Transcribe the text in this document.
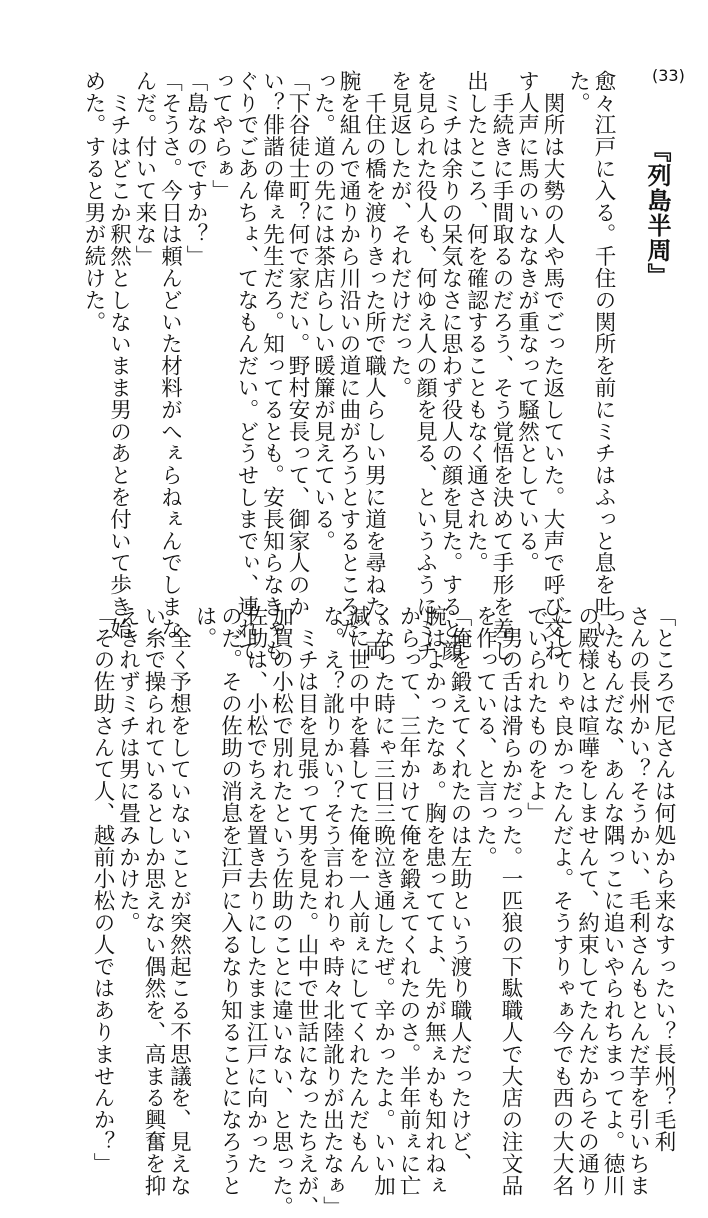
(33)
『列島半周』
愈々江戸に入る。千住の関所を前にミチはふっと息を吐い
た。
　関所は大勢の人や馬でごった返していた。大声で呼び交わ
す人声に馬のいななきが重なって騒然としている。
　手続きに手間取るのだろう、そう覚悟を決めて手形を差し
出したところ、何を確認することもなく通された。
　ミチは余りの呆気なさに思わず役人の顔を見た。すると顔
を見られた役人も、何ゆえ人の顔を見る、というふうにミチ
を見返したが、それだけだった。
　千住の橋を渡りきった所で職人らしい男に道を尋ねた。両
腕を組んで通りから川沿いの道に曲がろうとするところだ
った。道の先には茶店らしい暖簾が見えている。
「下谷徒士町？何で家だい。野村安長って、御家人のか
い？俳諧の偉ぇ先生だろ。知ってるとも。安長知らなきゃも
ぐりでごあんちょ、てなもんだい。どうせしまでぃ、連れて
ってやらぁ」
「島なのですか？」
「そうさ。今日は頼んどいた材料がへぇらねぇんでしまな
んだ。付いて来な」
　ミチはどこか釈然としないまま男のあとを付いて歩き始
めた。すると男が続けた。
「ところで尼さんは何処から来なすったい？長州？毛利
さんの長州かい？そうかい、毛利さんもとんだ芋を引いちま
ったもんだな、あんな隅っこに追いやられちまってよ。徳川
の殿様とは喧嘩をしませんて、約束してたんだからその通り
にしてりゃ良かったんだよ。そうすりゃぁ今でも西の大大名
でいられたものをよ」
　男の舌は滑らかだった。一匹狼の下駄職人で大店の注文品
を作っている、と言った。
「俺を鍛えてくれたのは左助という渡り職人だったけど、
腕はよかったなぁ。胸を患っててよ、先が無ぇかも知れねぇ
からって、三年かけて俺を鍛えてくれたのさ。半年前ぇに亡
くなった時にゃ三日三晩泣き通したぜ。辛かったよ。いい加
減に世の中を暮してた俺を一人前ぇにしてくれたんだもん
な。え？訛りかい？そう言われりゃ時々北陸訛りが出たなぁ」
　ミチは目を見張って男を見た。山中で世話になったちえが、
加賀の小松で別れたという佐助のことに違いない、と思った。
佐助は、小松でちえを置き去りにしたまま江戸に向かった
のだ。その佐助の消息を江戸に入るなり知ることになろうと
は。
　全く予想をしていないことが突然起こる不思議を、見えな
い糸で操られているとしか思えない偶然を、高まる興奮を抑
えきれずミチは男に畳みかけた。
「その佐助さんて人、越前小松の人ではありませんか？」
